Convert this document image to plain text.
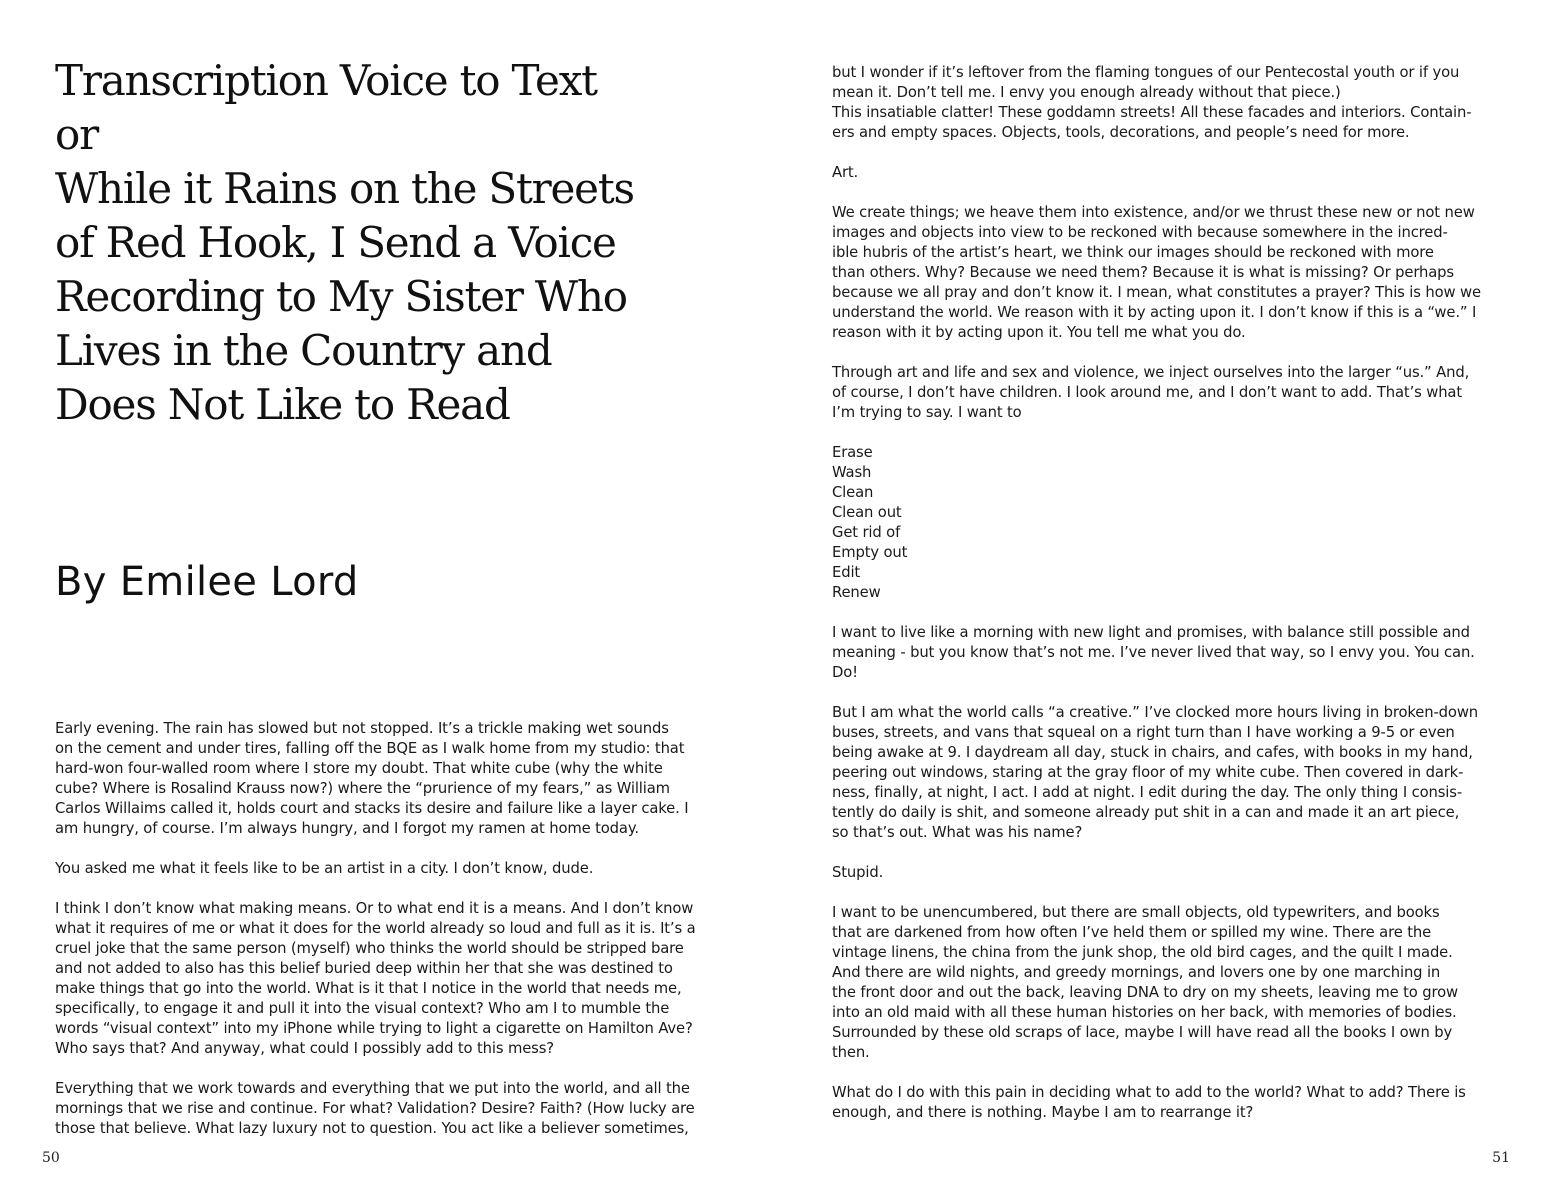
Transcription Voice to Text
or
While it Rains on the Streets
of Red Hook, I Send a Voice
Recording to My Sister Who
Lives in the Country and
Does Not Like to Read
By Emilee Lord
Early evening. The rain has slowed but not stopped. It’s a trickle making wet sounds
on the cement and under tires, falling off the BQE as I walk home from my studio: that
hard-won four-walled room where I store my doubt. That white cube (why the white
cube? Where is Rosalind Krauss now?) where the “prurience of my fears,” as William
Carlos Willaims called it, holds court and stacks its desire and failure like a layer cake. I
am hungry, of course. I’m always hungry, and I forgot my ramen at home today.
You asked me what it feels like to be an artist in a city. I don’t know, dude.
I think I don’t know what making means. Or to what end it is a means. And I don’t know
what it requires of me or what it does for the world already so loud and full as it is. It’s a
cruel joke that the same person (myself) who thinks the world should be stripped bare
and not added to also has this belief buried deep within her that she was destined to
make things that go into the world. What is it that I notice in the world that needs me,
specifically, to engage it and pull it into the visual context? Who am I to mumble the
words “visual context” into my iPhone while trying to light a cigarette on Hamilton Ave?
Who says that? And anyway, what could I possibly add to this mess?
Everything that we work towards and everything that we put into the world, and all the
mornings that we rise and continue. For what? Validation? Desire? Faith? (How lucky are
those that believe. What lazy luxury not to question. You act like a believer sometimes,
50
but I wonder if it’s leftover from the flaming tongues of our Pentecostal youth or if you
mean it. Don’t tell me. I envy you enough already without that piece.)
This insatiable clatter! These goddamn streets! All these facades and interiors. Contain-
ers and empty spaces. Objects, tools, decorations, and people’s need for more.
Art.
We create things; we heave them into existence, and/or we thrust these new or not new
images and objects into view to be reckoned with because somewhere in the incred-
ible hubris of the artist’s heart, we think our images should be reckoned with more
than others. Why? Because we need them? Because it is what is missing? Or perhaps
because we all pray and don’t know it. I mean, what constitutes a prayer? This is how we
understand the world. We reason with it by acting upon it. I don’t know if this is a “we.” I
reason with it by acting upon it. You tell me what you do.
Through art and life and sex and violence, we inject ourselves into the larger “us.” And,
of course, I don’t have children. I look around me, and I don’t want to add. That’s what
I’m trying to say. I want to
Erase
Wash
Clean
Clean out
Get rid of
Empty out
Edit
Renew
I want to live like a morning with new light and promises, with balance still possible and
meaning - but you know that’s not me. I’ve never lived that way, so I envy you. You can.
Do!
But I am what the world calls “a creative.” I’ve clocked more hours living in broken-down
buses, streets, and vans that squeal on a right turn than I have working a 9-5 or even
being awake at 9. I daydream all day, stuck in chairs, and cafes, with books in my hand,
peering out windows, staring at the gray floor of my white cube. Then covered in dark-
ness, finally, at night, I act. I add at night. I edit during the day. The only thing I consis-
tently do daily is shit, and someone already put shit in a can and made it an art piece,
so that’s out. What was his name?
Stupid.
I want to be unencumbered, but there are small objects, old typewriters, and books
that are darkened from how often I’ve held them or spilled my wine. There are the
vintage linens, the china from the junk shop, the old bird cages, and the quilt I made.
And there are wild nights, and greedy mornings, and lovers one by one marching in
the front door and out the back, leaving DNA to dry on my sheets, leaving me to grow
into an old maid with all these human histories on her back, with memories of bodies.
Surrounded by these old scraps of lace, maybe I will have read all the books I own by
then.
What do I do with this pain in deciding what to add to the world? What to add? There is
enough, and there is nothing. Maybe I am to rearrange it?
51
